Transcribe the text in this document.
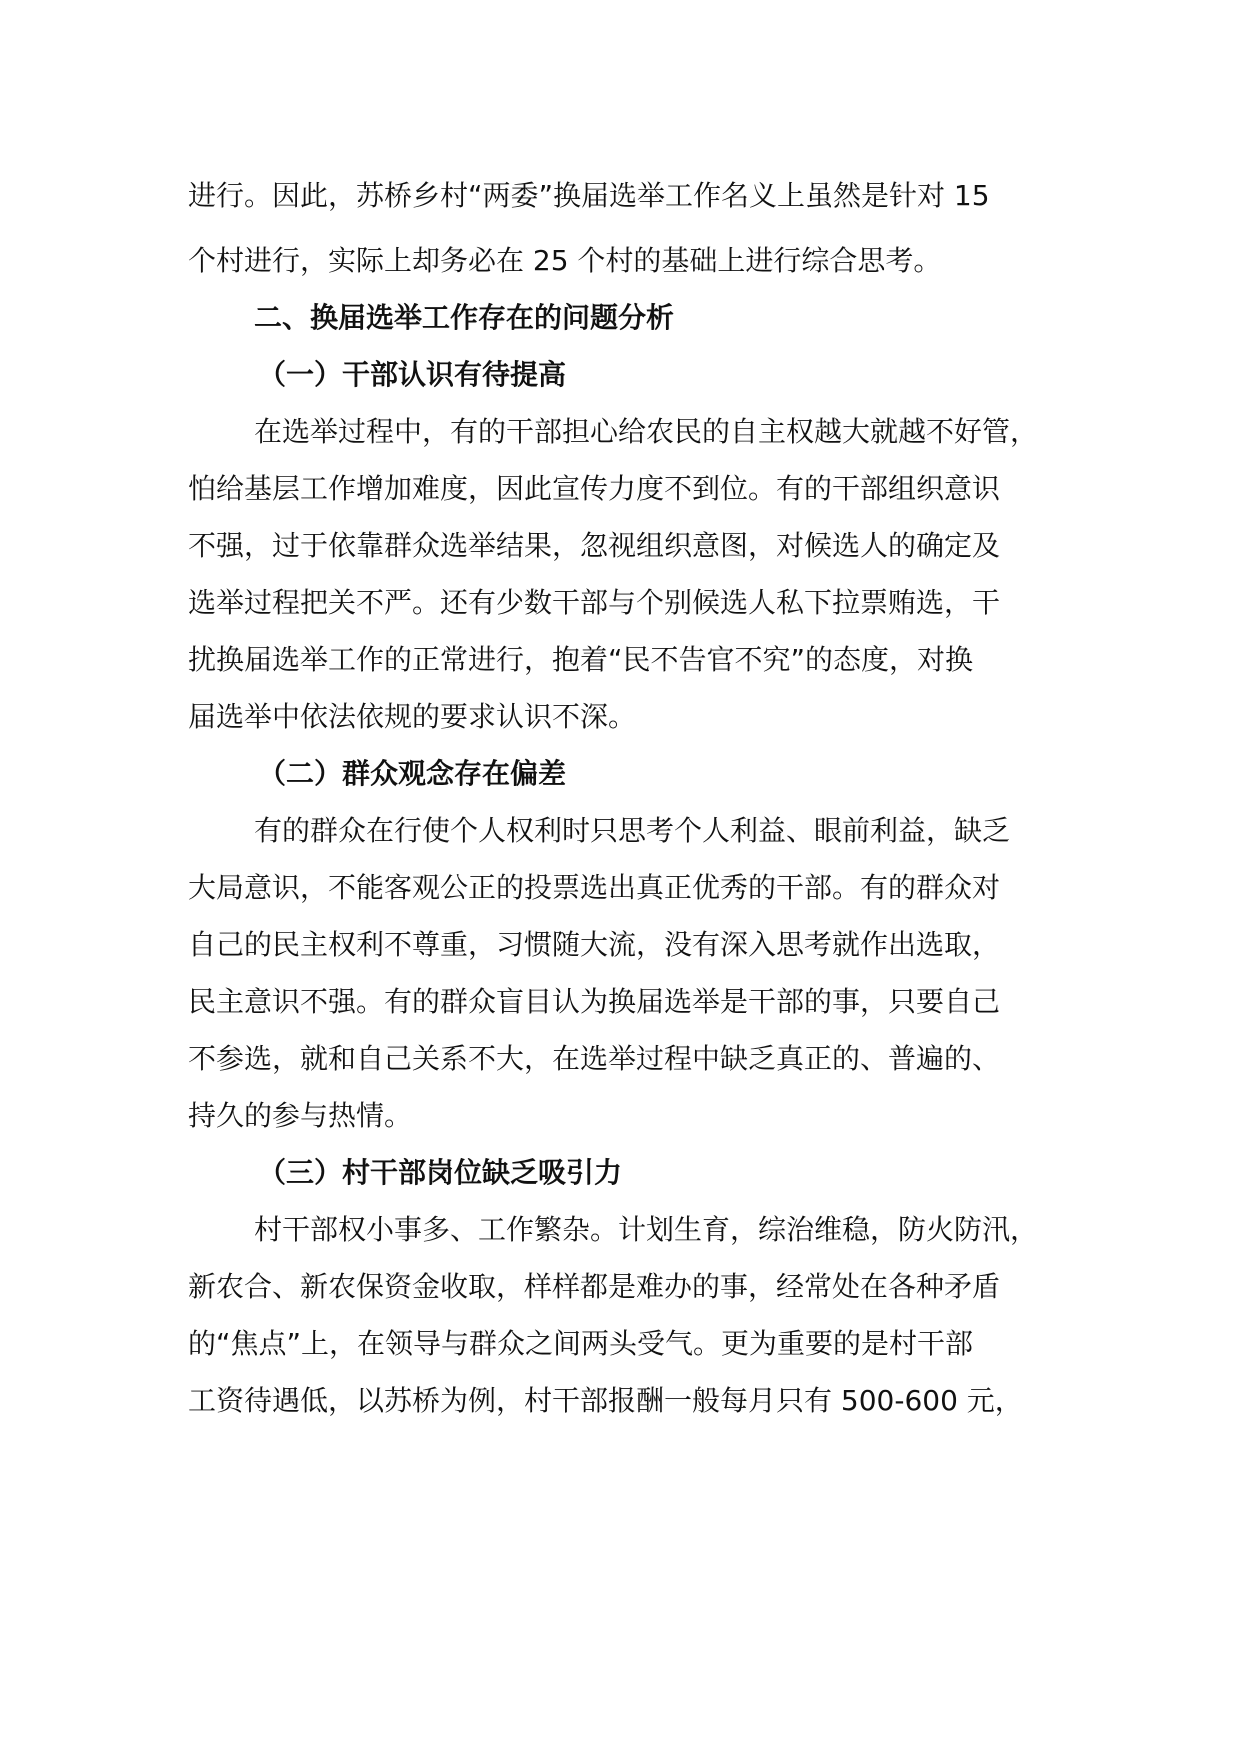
进行。因此，苏桥乡村“两委”换届选举工作名义上虽然是针对 15
个村进行，实际上却务必在 25 个村的基础上进行综合思考。
二、换届选举工作存在的问题分析
（一）干部认识有待提高
在选举过程中，有的干部担心给农民的自主权越大就越不好管，
怕给基层工作增加难度，因此宣传力度不到位。有的干部组织意识
不强，过于依靠群众选举结果，忽视组织意图，对候选人的确定及
选举过程把关不严。还有少数干部与个别候选人私下拉票贿选，干
扰换届选举工作的正常进行，抱着“民不告官不究”的态度，对换
届选举中依法依规的要求认识不深。
（二）群众观念存在偏差
有的群众在行使个人权利时只思考个人利益、眼前利益，缺乏
大局意识，不能客观公正的投票选出真正优秀的干部。有的群众对
自己的民主权利不尊重，习惯随大流，没有深入思考就作出选取，
民主意识不强。有的群众盲目认为换届选举是干部的事，只要自己
不参选，就和自己关系不大，在选举过程中缺乏真正的、普遍的、
持久的参与热情。
（三）村干部岗位缺乏吸引力
村干部权小事多、工作繁杂。计划生育，综治维稳，防火防汛，
新农合、新农保资金收取，样样都是难办的事，经常处在各种矛盾
的“焦点”上，在领导与群众之间两头受气。更为重要的是村干部
工资待遇低，以苏桥为例，村干部报酬一般每月只有 500-600 元，
